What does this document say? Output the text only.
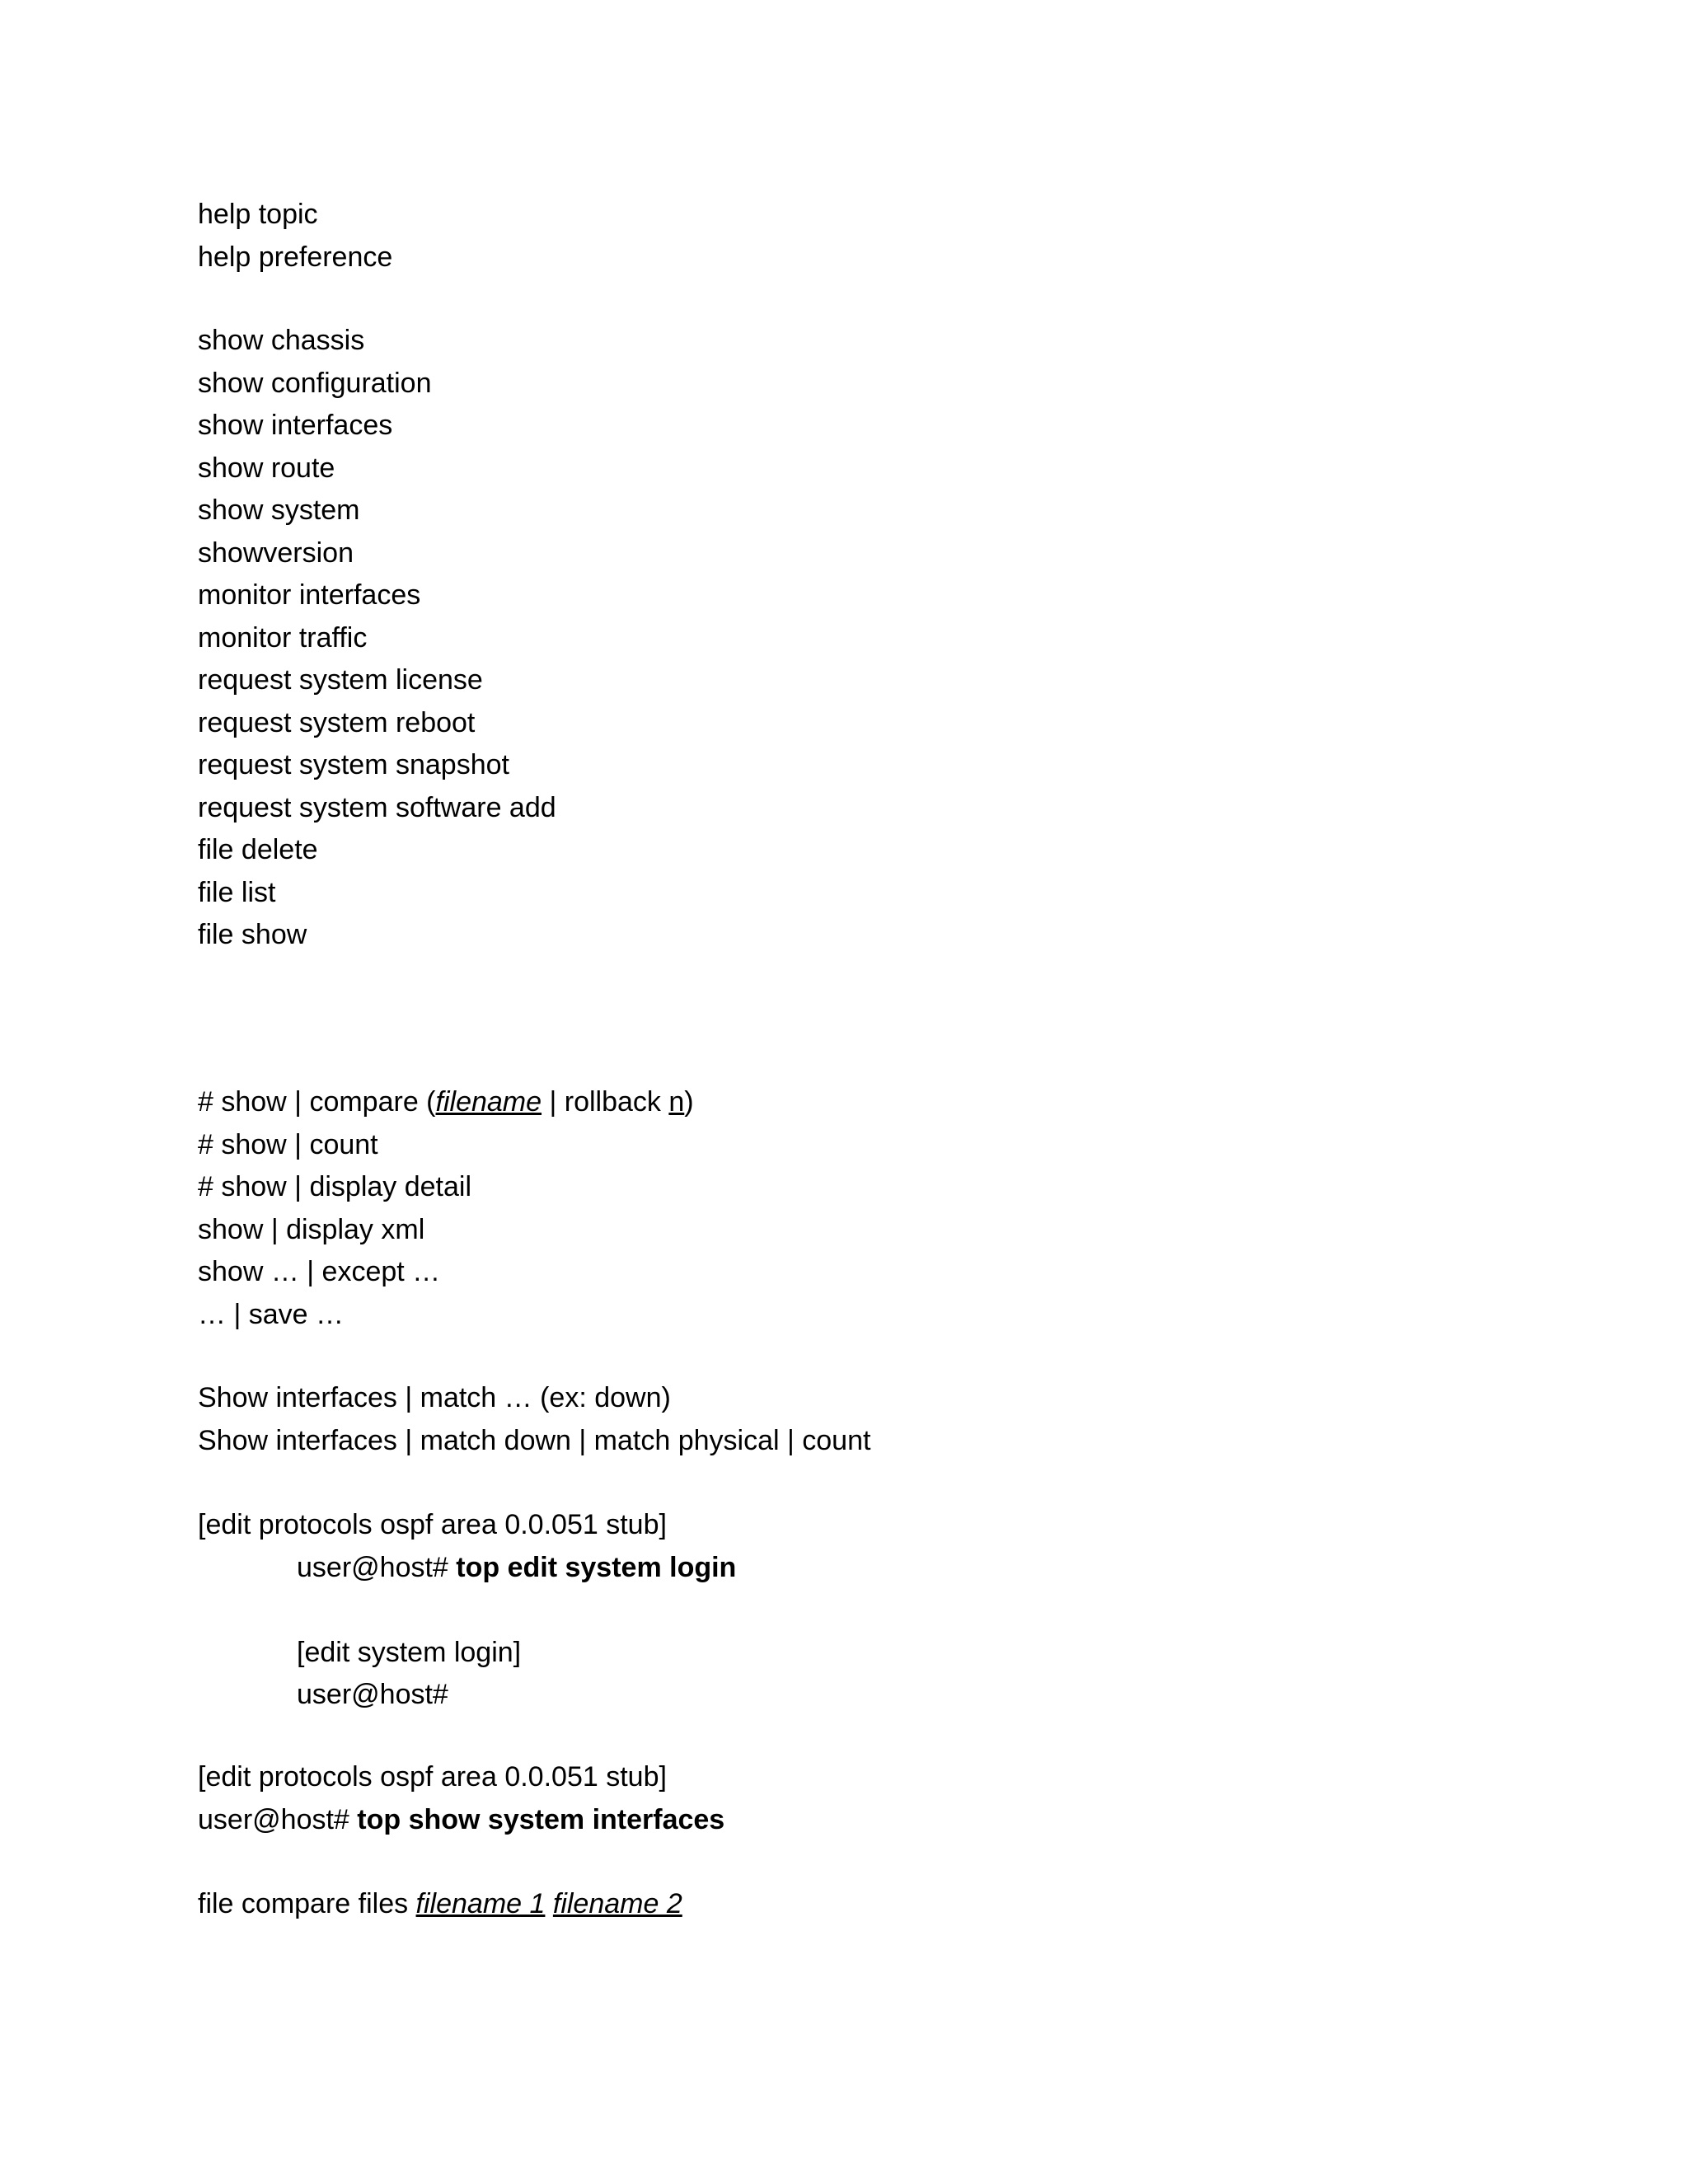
help topic
help preference
show chassis
show configuration
show interfaces
show route
show system
showversion
monitor interfaces
monitor traffic
request system license
request system reboot
request system snapshot
request system software add
file delete
file list
file show
# show | compare (filename | rollback n)
# show | count
# show | display detail
show | display xml
show … | except …
… | save …
Show interfaces | match … (ex: down)
Show interfaces | match down | match physical | count
[edit protocols ospf area 0.0.051 stub]
user@host# top edit system login
[edit system login]
user@host#
[edit protocols ospf area 0.0.051 stub]
user@host# top show system interfaces
file compare files filename 1 filename 2
